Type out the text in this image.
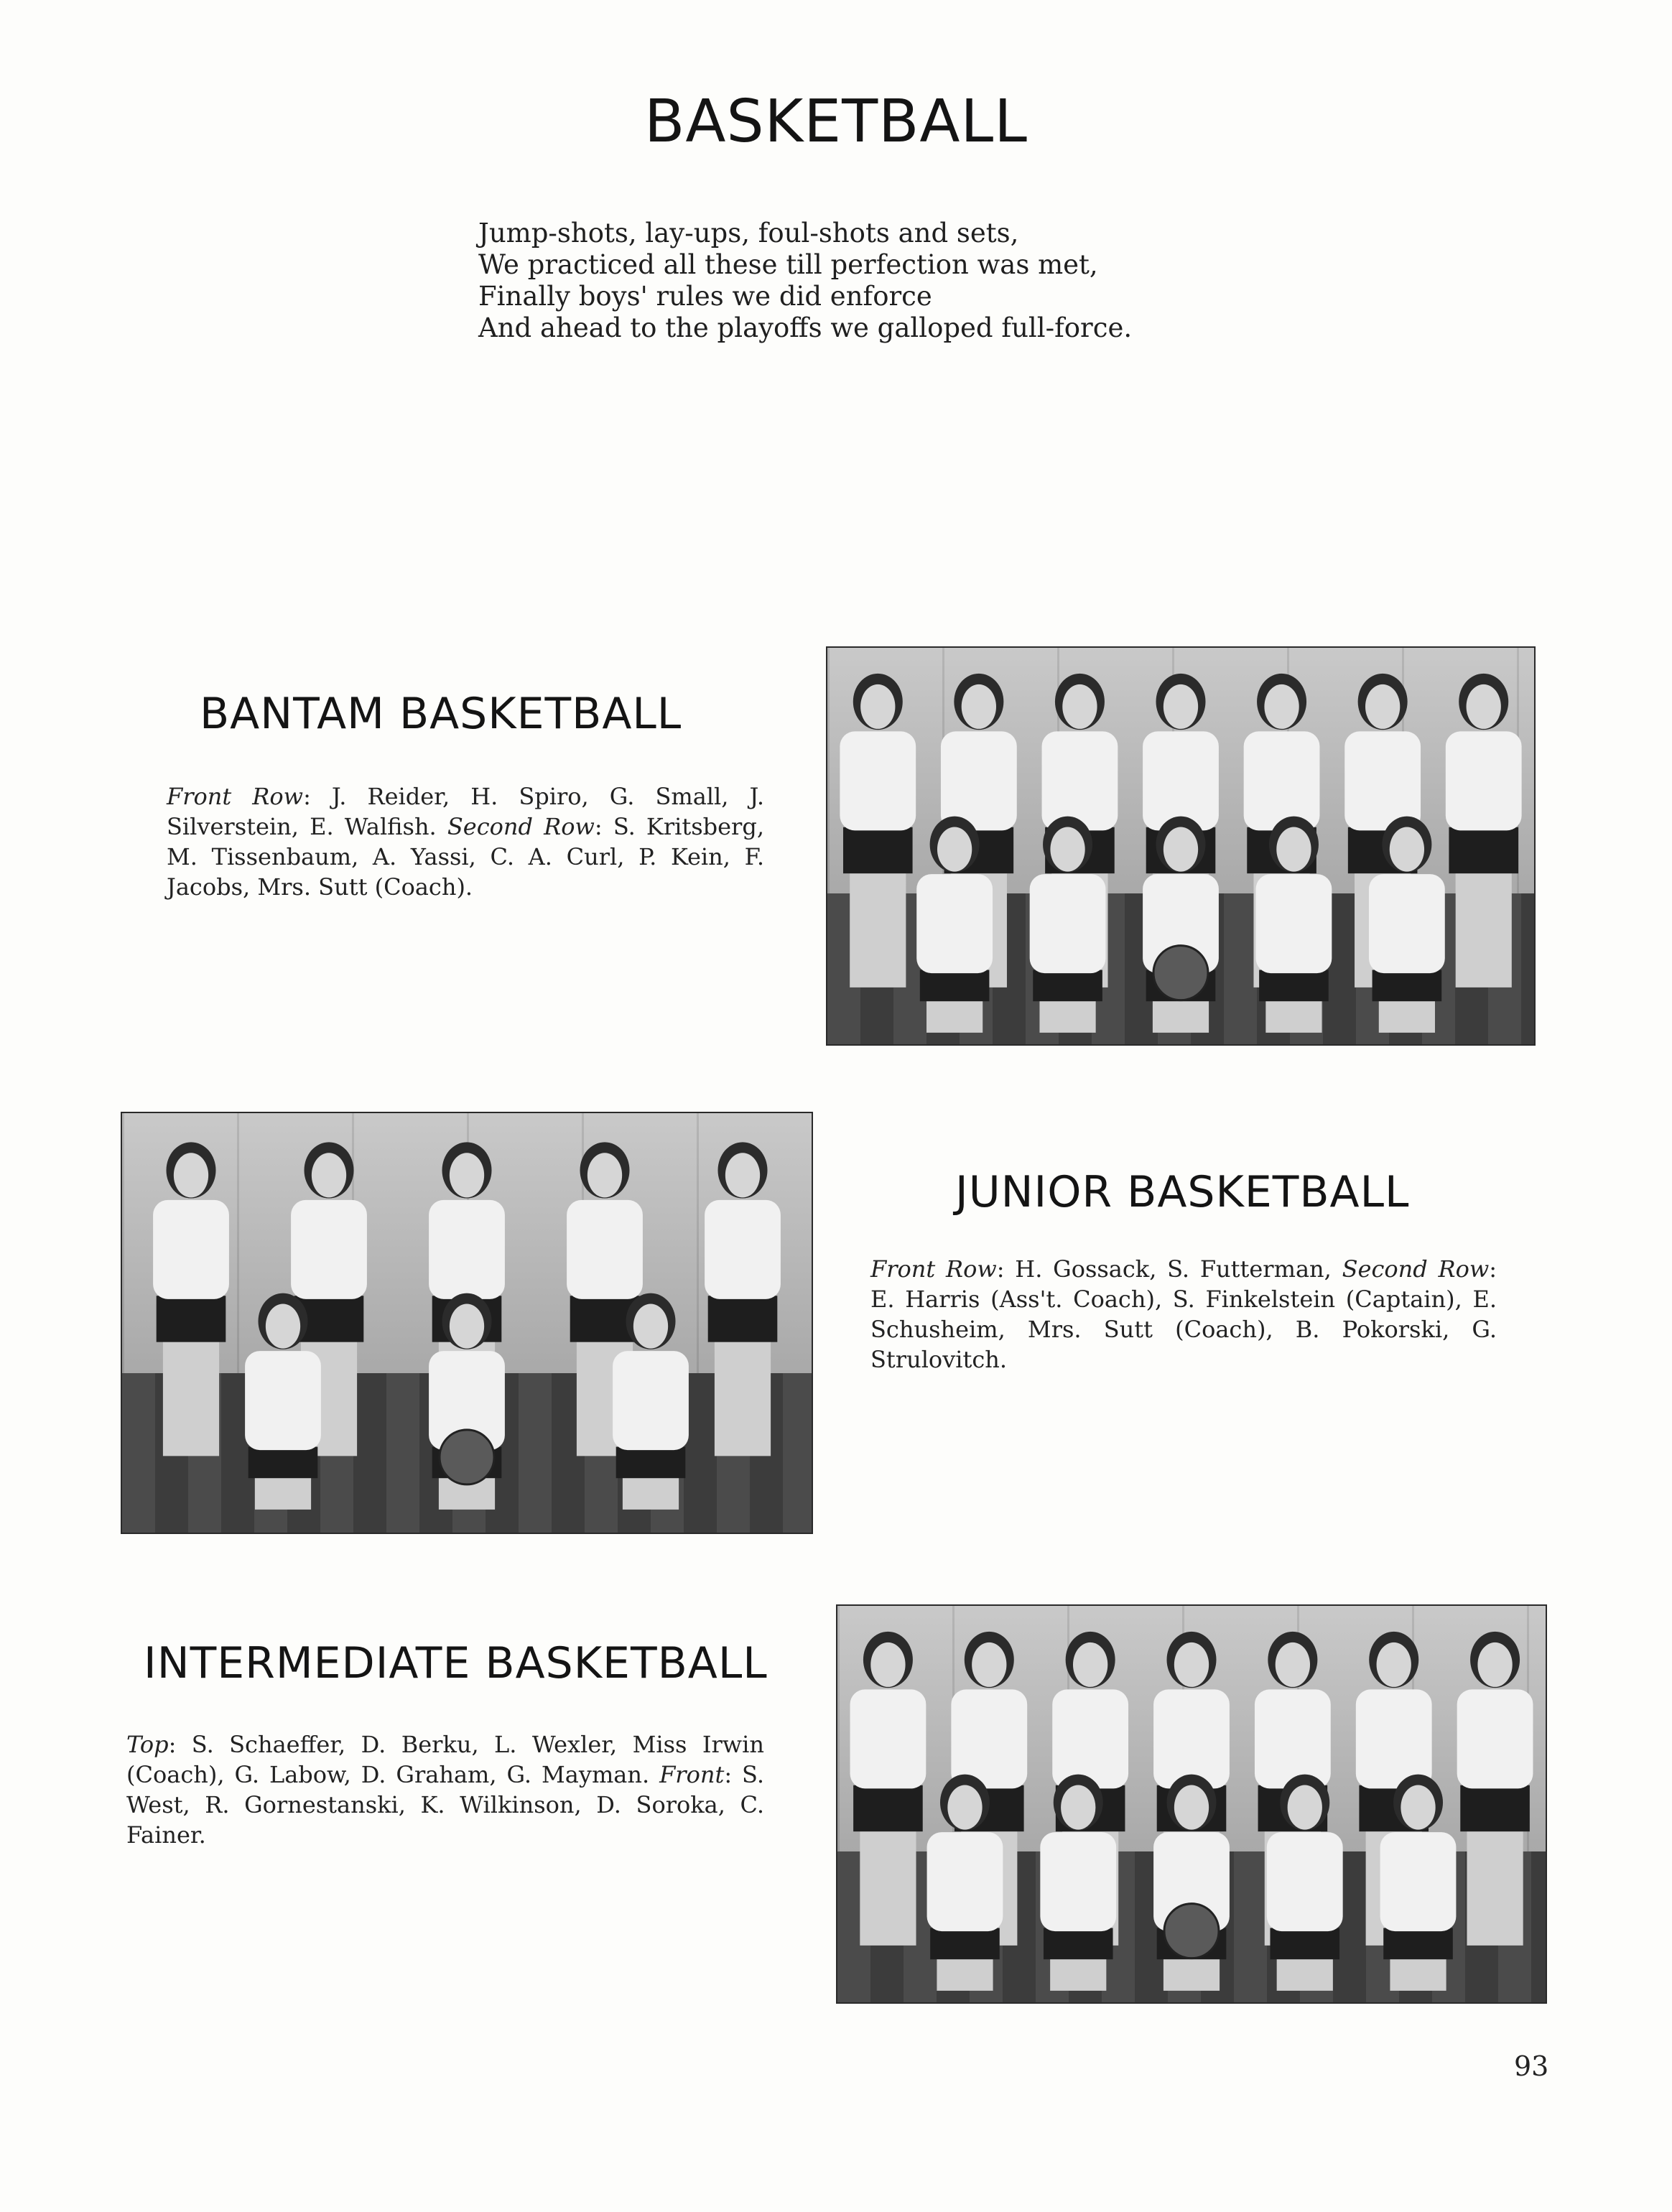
BASKETBALL
Jump-shots, lay-ups, foul-shots and sets,
We practiced all these till perfection was met,
Finally boys' rules we did enforce
And ahead to the playoffs we galloped full-force.
BANTAM BASKETBALL

Front Row: J. Reider, H. Spiro, G. Small, J. Silverstein, E. Walfish. Second Row: S. Kritsberg, M. Tissenbaum, A. Yassi, C. A. Curl, P. Kein, F. Jacobs, Mrs. Sutt (Coach).

JUNIOR BASKETBALL

Front Row: H. Gossack, S. Futterman, Second Row: E. Harris (Ass't. Coach), S. Finkelstein (Captain), E. Schusheim, Mrs. Sutt (Coach), B. Pokorski, G. Strulovitch.

INTERMEDIATE BASKETBALL

Top: S. Schaeffer, D. Berku, L. Wexler, Miss Irwin (Coach), G. Labow, D. Graham, G. Mayman. Front: S. West, R. Gornestanski, K. Wilkinson, D. Soroka, C. Fainer.

93
